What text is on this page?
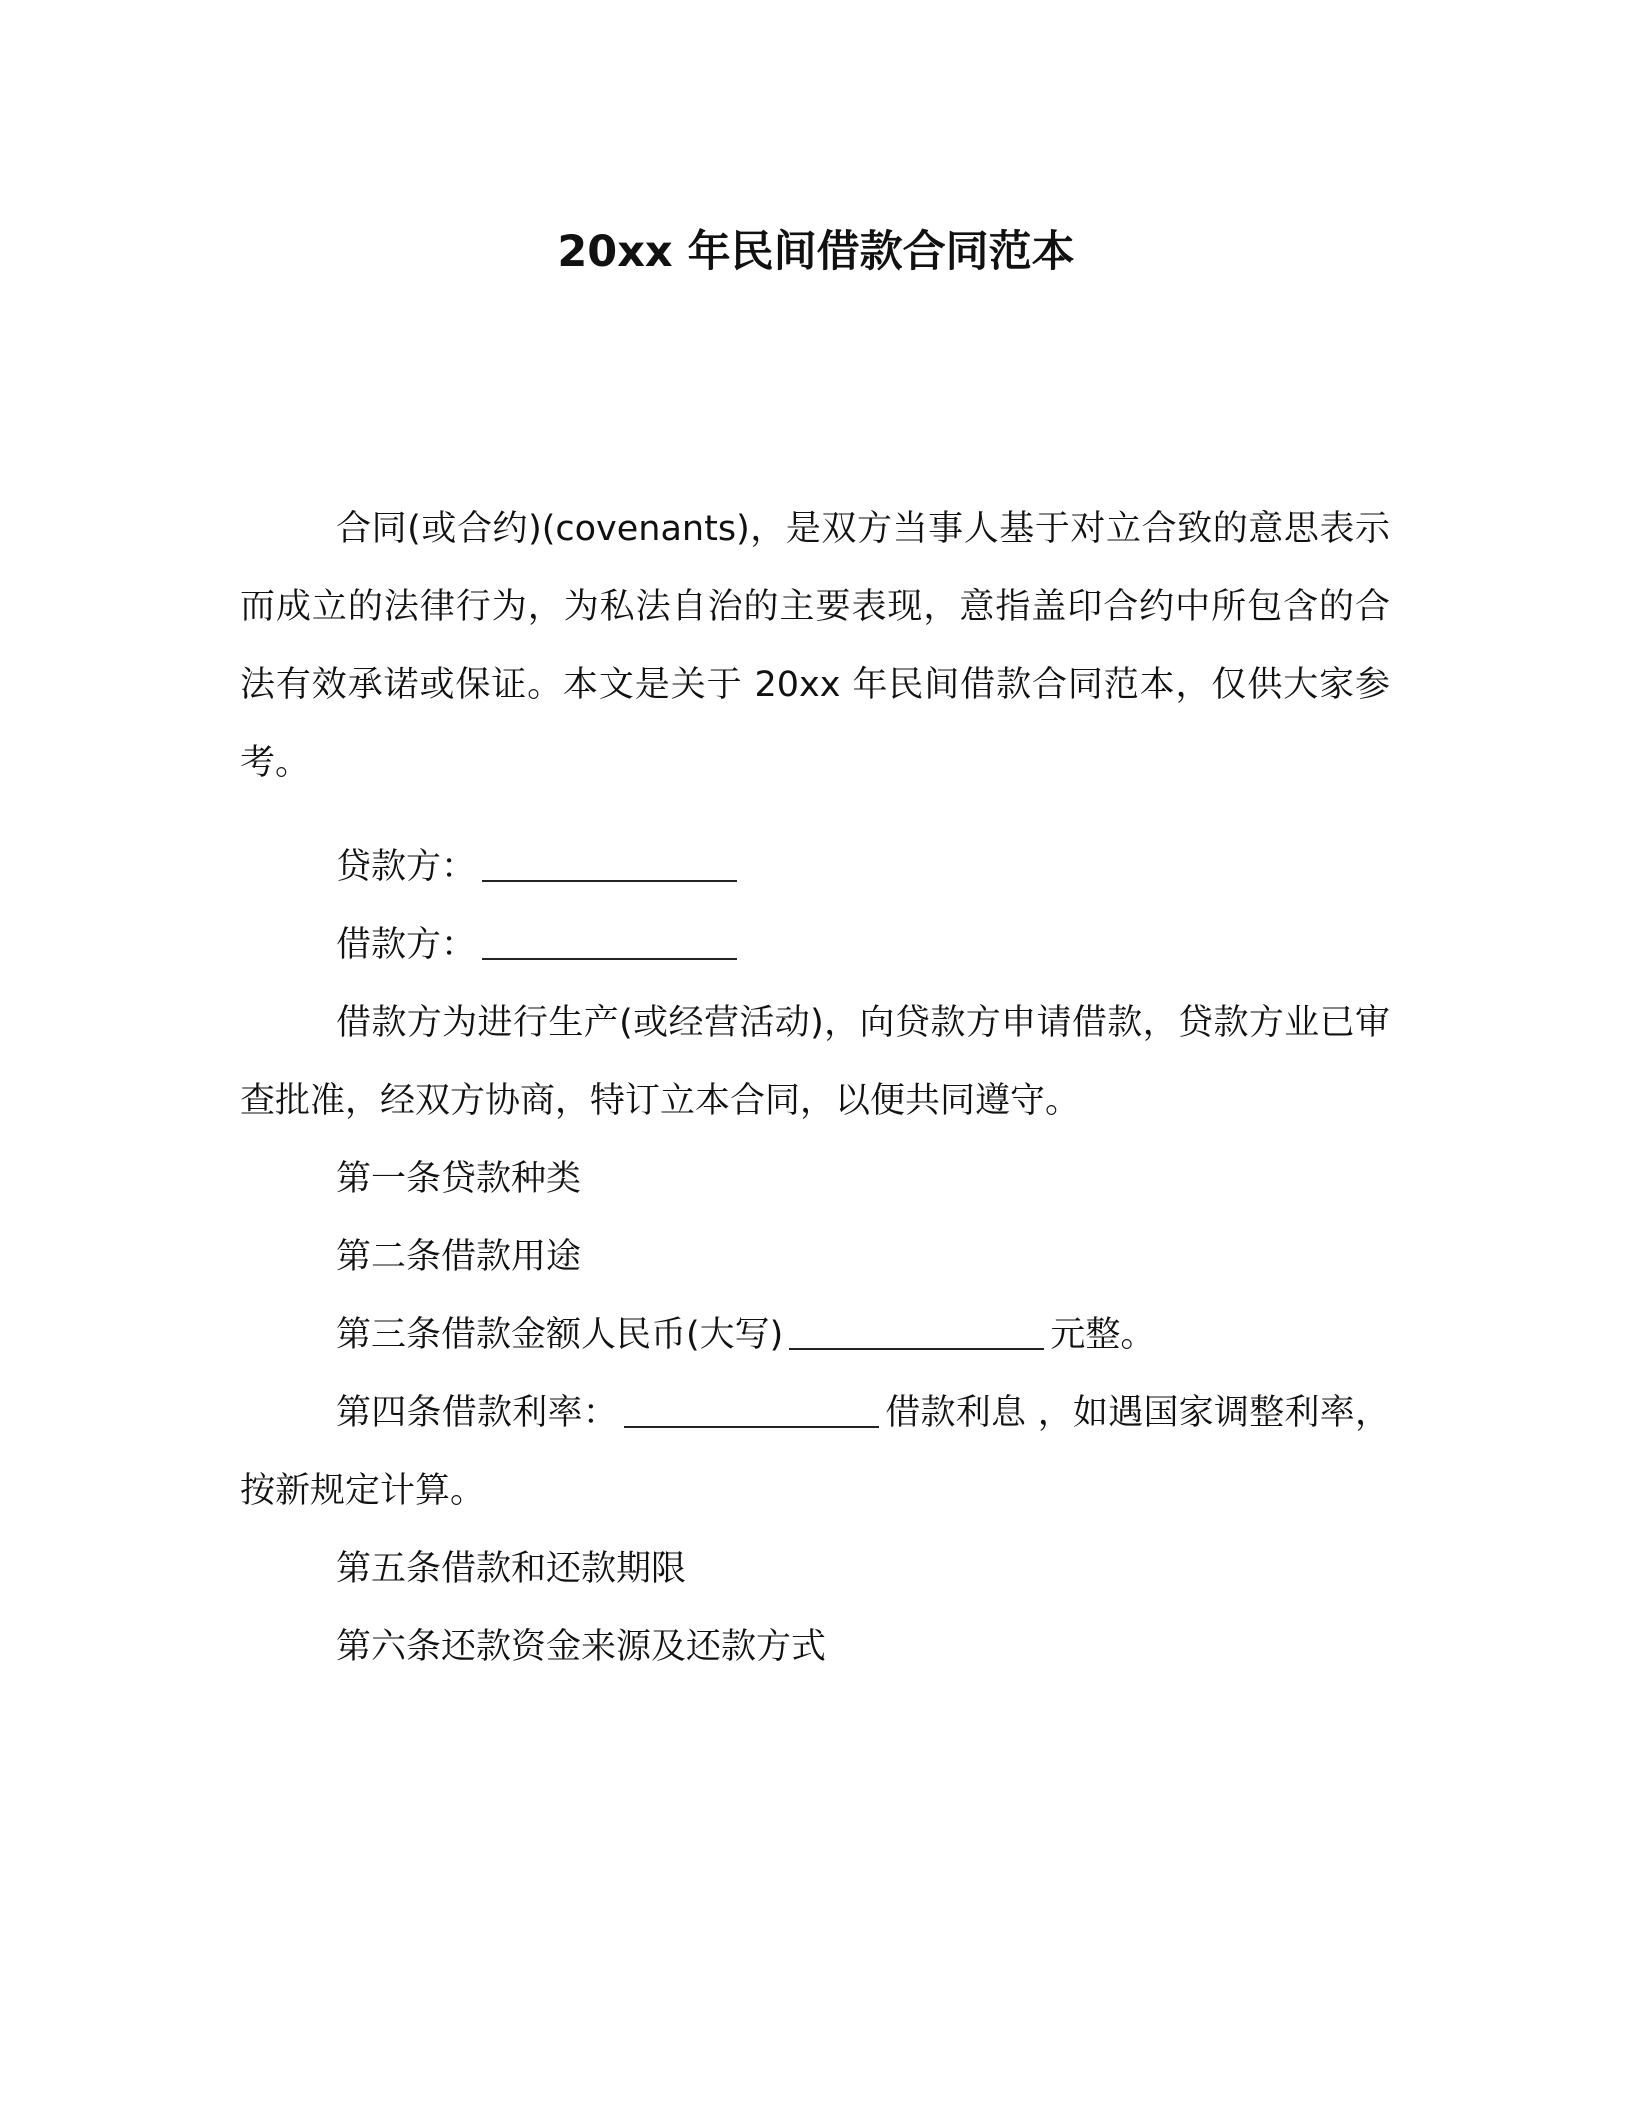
20xx 年民间借款合同范本

合同(或合约)(covenants)，是双方当事人基于对立合致的意思表示而成立的法律行为，为私法自治的主要表现，意指盖印合约中所包含的合法有效承诺或保证。本文是关于 20xx 年民间借款合同范本，仅供大家参考。

贷款方：

借款方：

借款方为进行生产(或经营活动)，向贷款方申请借款，贷款方业已审查批准，经双方协商，特订立本合同，以便共同遵守。

第一条贷款种类

第二条借款用途

第三条借款金额人民币(大写)	元整。

第四条借款利率：	借款利息 ，如遇国家调整利率，按新规定计算。

第五条借款和还款期限

第六条还款资金来源及还款方式
